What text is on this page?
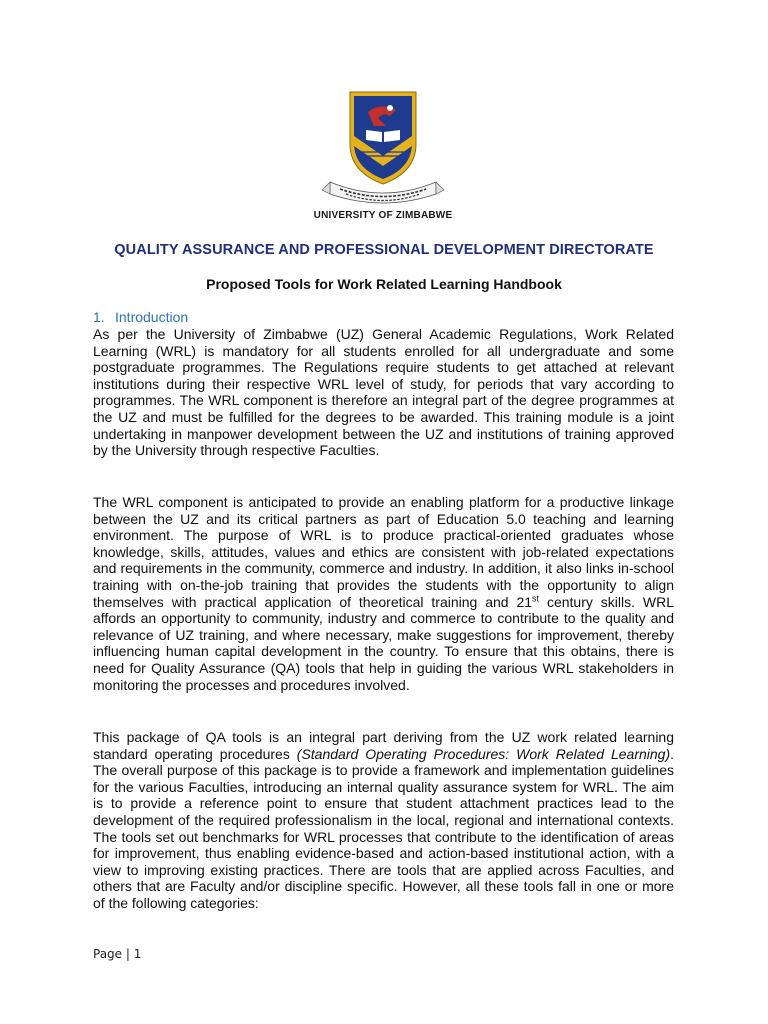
UNIVERSITY OF ZIMBABWE
QUALITY ASSURANCE AND PROFESSIONAL DEVELOPMENT DIRECTORATE
Proposed Tools for Work Related Learning Handbook
1. Introduction

As per the University of Zimbabwe (UZ) General Academic Regulations, Work Related Learning (WRL) is mandatory for all students enrolled for all undergraduate and some postgraduate programmes. The Regulations require students to get attached at relevant institutions during their respective WRL level of study, for periods that vary according to programmes. The WRL component is therefore an integral part of the degree programmes at the UZ and must be fulfilled for the degrees to be awarded. This training module is a joint undertaking in manpower development between the UZ and institutions of training approved by the University through respective Faculties.

The WRL component is anticipated to provide an enabling platform for a productive linkage between the UZ and its critical partners as part of Education 5.0 teaching and learning environment. The purpose of WRL is to produce practical-oriented graduates whose knowledge, skills, attitudes, values and ethics are consistent with job-related expectations and requirements in the community, commerce and industry. In addition, it also links in-school training with on-the-job training that provides the students with the opportunity to align themselves with practical application of theoretical training and 21st century skills. WRL affords an opportunity to community, industry and commerce to contribute to the quality and relevance of UZ training, and where necessary, make suggestions for improvement, thereby influencing human capital development in the country. To ensure that this obtains, there is need for Quality Assurance (QA) tools that help in guiding the various WRL stakeholders in monitoring the processes and procedures involved.

This package of QA tools is an integral part deriving from the UZ work related learning standard operating procedures (Standard Operating Procedures: Work Related Learning). The overall purpose of this package is to provide a framework and implementation guidelines for the various Faculties, introducing an internal quality assurance system for WRL. The aim is to provide a reference point to ensure that student attachment practices lead to the development of the required professionalism in the local, regional and international contexts. The tools set out benchmarks for WRL processes that contribute to the identification of areas for improvement, thus enabling evidence-based and action-based institutional action, with a view to improving existing practices. There are tools that are applied across Faculties, and others that are Faculty and/or discipline specific. However, all these tools fall in one or more of the following categories:

Page | 1
